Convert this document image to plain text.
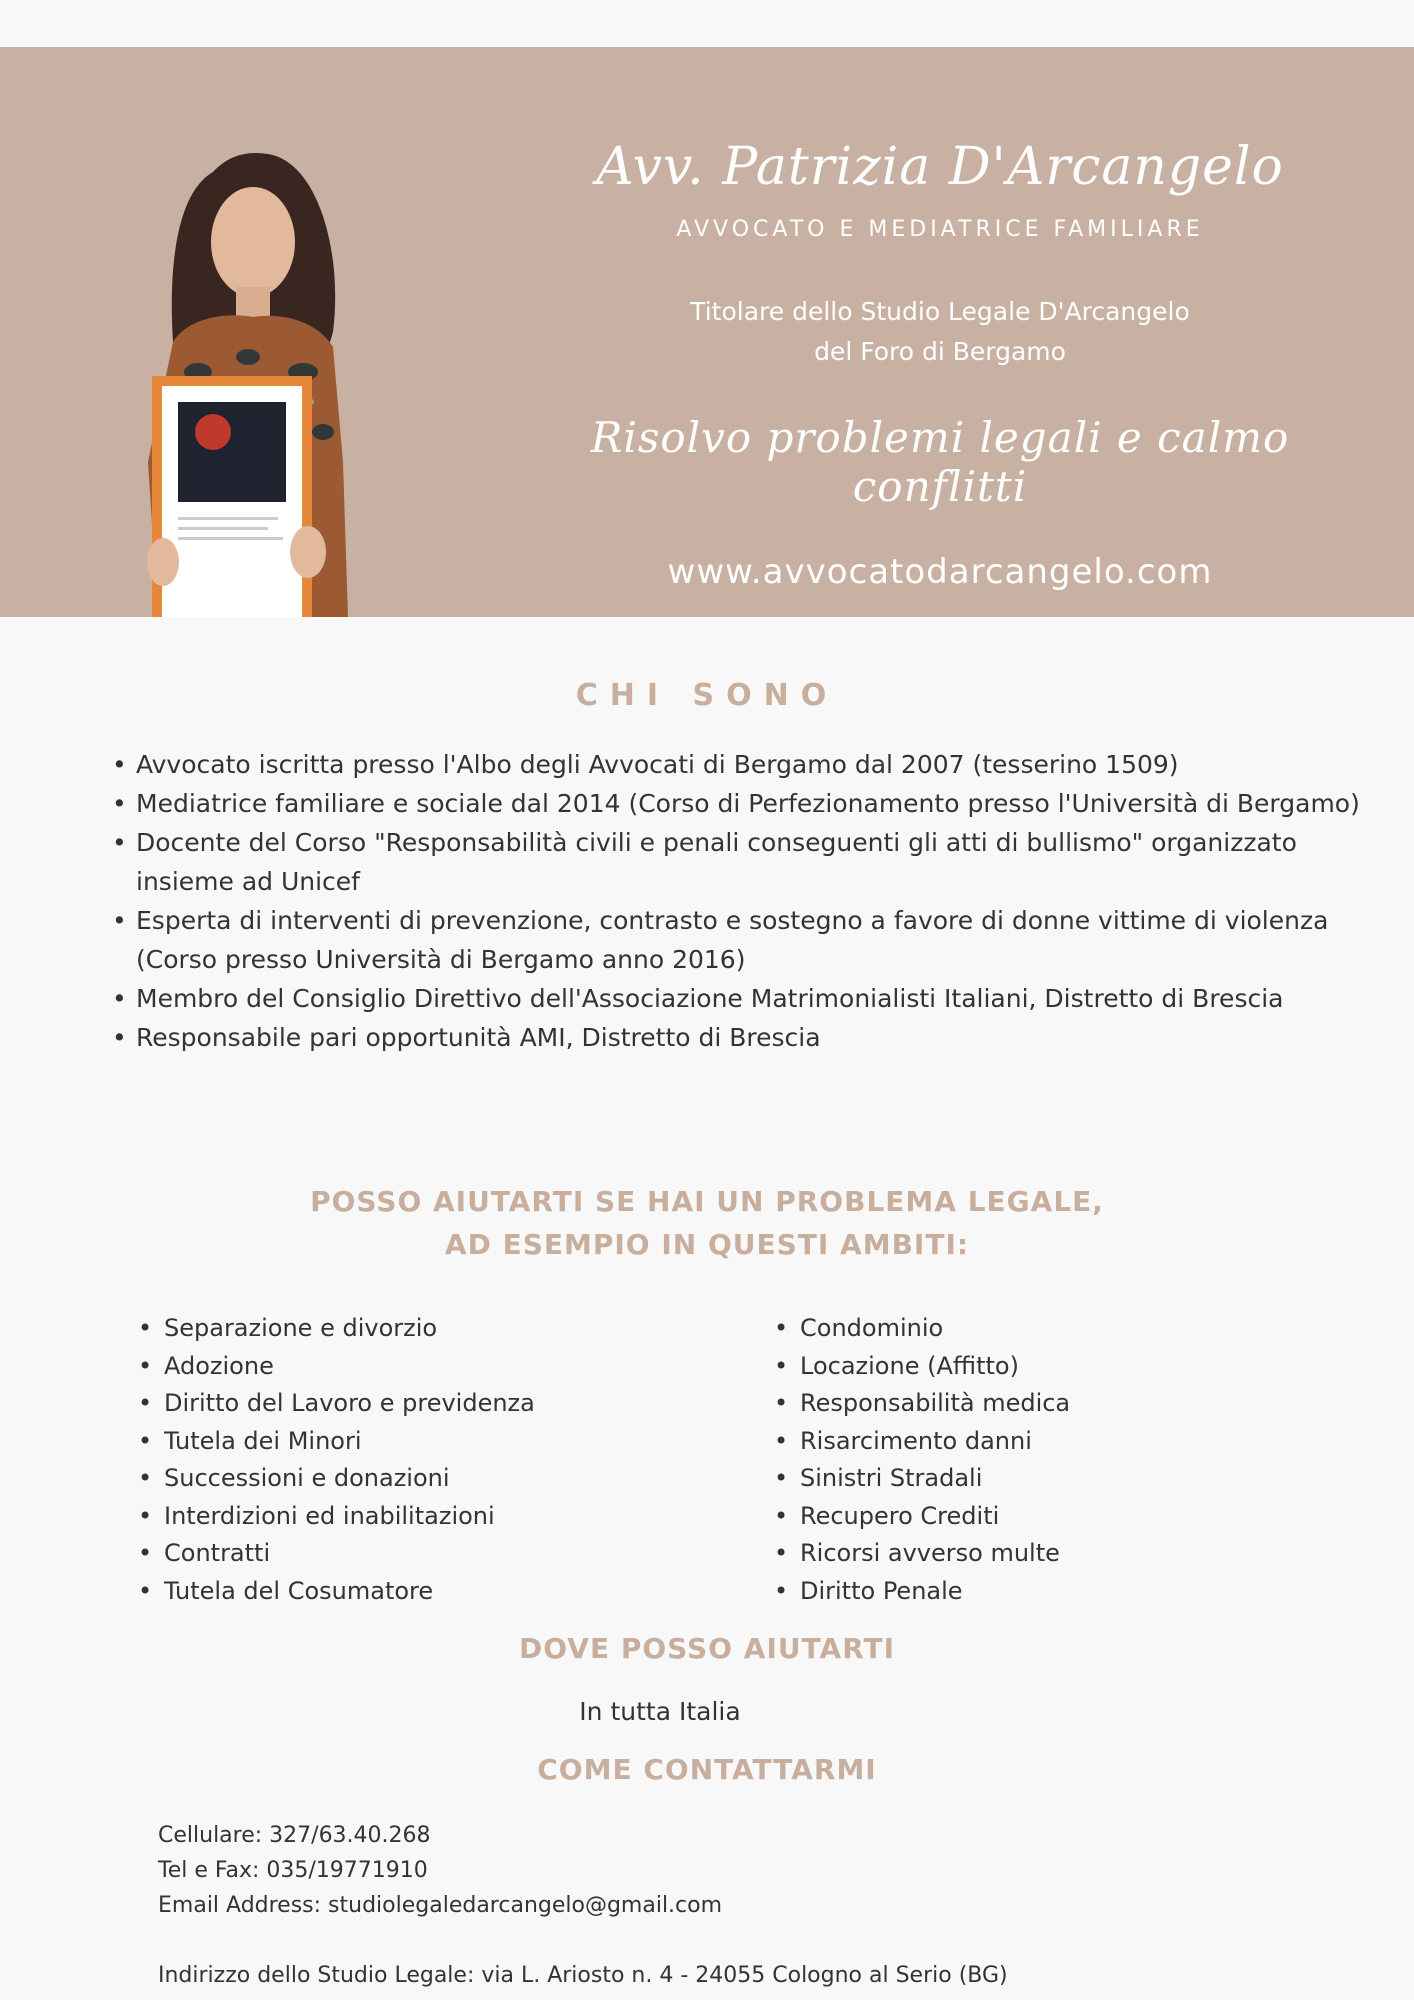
Avv. Patrizia D'Arcangelo
AVVOCATO E MEDIATRICE FAMILIARE
Titolare dello Studio Legale D'Arcangelo
del Foro di Bergamo
Risolvo problemi legali e calmo conflitti
www.avvocatodarcangelo.com
CHI SONO
• Avvocato iscritta presso l'Albo degli Avvocati di Bergamo dal 2007 (tesserino 1509)
• Mediatrice familiare e sociale dal 2014 (Corso di Perfezionamento presso l'Università di Bergamo)
• Docente del Corso "Responsabilità civili e penali conseguenti gli atti di bullismo" organizzato insieme ad Unicef
• Esperta di interventi di prevenzione, contrasto e sostegno a favore di donne vittime di violenza (Corso presso Università di Bergamo anno 2016)
• Membro del Consiglio Direttivo dell'Associazione Matrimonialisti Italiani, Distretto di Brescia
• Responsabile pari opportunità AMI, Distretto di Brescia
POSSO AIUTARTI SE HAI UN PROBLEMA LEGALE,
AD ESEMPIO IN QUESTI AMBITI:
• Separazione e divorzio
• Adozione
• Diritto del Lavoro e previdenza
• Tutela dei Minori
• Successioni e donazioni
• Interdizioni ed inabilitazioni
• Contratti
• Tutela del Cosumatore
• Condominio
• Locazione (Affitto)
• Responsabilità medica
• Risarcimento danni
• Sinistri Stradali
• Recupero Crediti
• Ricorsi avverso multe
• Diritto Penale
DOVE POSSO AIUTARTI
In tutta Italia
COME CONTATTARMI
Cellulare: 327/63.40.268
Tel e Fax: 035/19771910
Email Address: studiolegaledarcangelo@gmail.com
Indirizzo dello Studio Legale: via L. Ariosto n. 4 - 24055 Cologno al Serio (BG)
